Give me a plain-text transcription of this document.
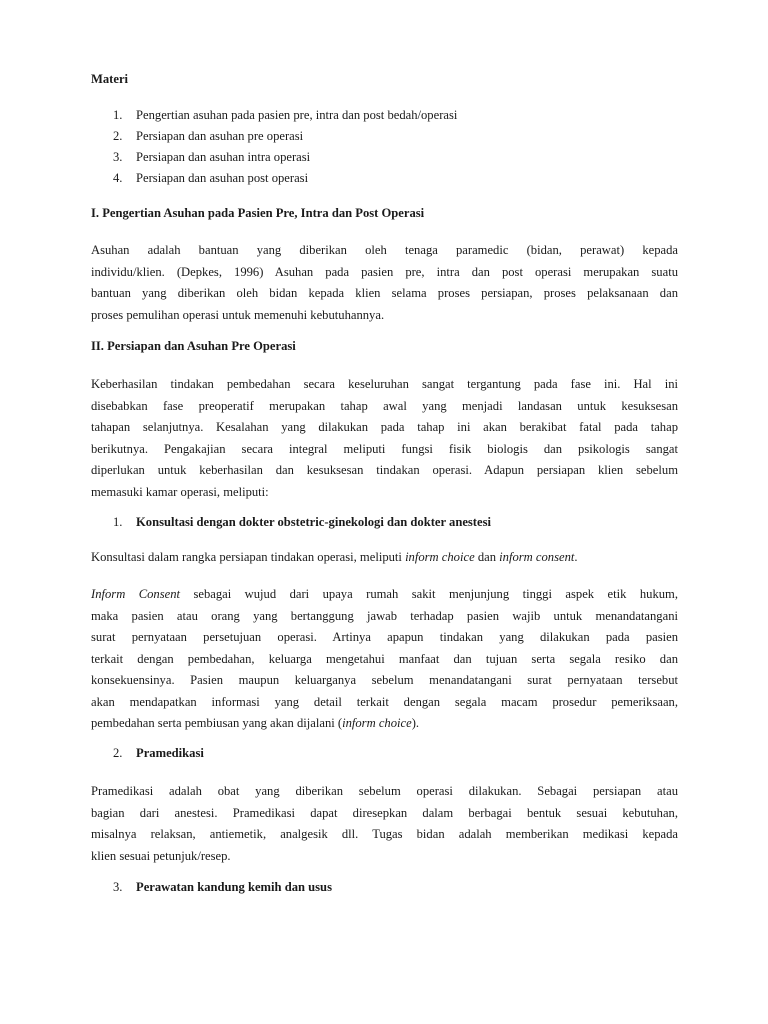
Materi
1. Pengertian asuhan pada pasien pre, intra dan post bedah/operasi
2. Persiapan dan asuhan pre operasi
3. Persiapan dan asuhan intra operasi
4. Persiapan dan asuhan post operasi
I. Pengertian Asuhan pada Pasien Pre, Intra dan Post Operasi
Asuhan adalah bantuan yang diberikan oleh tenaga paramedic (bidan, perawat) kepada
individu/klien. (Depkes, 1996) Asuhan pada pasien pre, intra dan post operasi merupakan suatu
bantuan yang diberikan oleh bidan kepada klien selama proses persiapan, proses pelaksanaan dan
proses pemulihan operasi untuk memenuhi kebutuhannya.
II. Persiapan dan Asuhan Pre Operasi
Keberhasilan tindakan pembedahan secara keseluruhan sangat tergantung pada fase ini. Hal ini
disebabkan fase preoperatif merupakan tahap awal yang menjadi landasan untuk kesuksesan
tahapan selanjutnya. Kesalahan yang dilakukan pada tahap ini akan berakibat fatal pada tahap
berikutnya. Pengakajian secara integral meliputi fungsi fisik biologis dan psikologis sangat
diperlukan untuk keberhasilan dan kesuksesan tindakan operasi. Adapun persiapan klien sebelum
memasuki kamar operasi, meliputi:
1. Konsultasi dengan dokter obstetric-ginekologi dan dokter anestesi
Konsultasi dalam rangka persiapan tindakan operasi, meliputi inform choice dan inform consent.
Inform Consent sebagai wujud dari upaya rumah sakit menjunjung tinggi aspek etik hukum,
maka pasien atau orang yang bertanggung jawab terhadap pasien wajib untuk menandatangani
surat pernyataan persetujuan operasi. Artinya apapun tindakan yang dilakukan pada pasien
terkait dengan pembedahan, keluarga mengetahui manfaat dan tujuan serta segala resiko dan
konsekuensinya. Pasien maupun keluarganya sebelum menandatangani surat pernyataan tersebut
akan mendapatkan informasi yang detail terkait dengan segala macam prosedur pemeriksaan,
pembedahan serta pembiusan yang akan dijalani (inform choice).
2. Pramedikasi
Pramedikasi adalah obat yang diberikan sebelum operasi dilakukan. Sebagai persiapan atau
bagian dari anestesi. Pramedikasi dapat diresepkan dalam berbagai bentuk sesuai kebutuhan,
misalnya relaksan, antiemetik, analgesik dll. Tugas bidan adalah memberikan medikasi kepada
klien sesuai petunjuk/resep.
3. Perawatan kandung kemih dan usus
